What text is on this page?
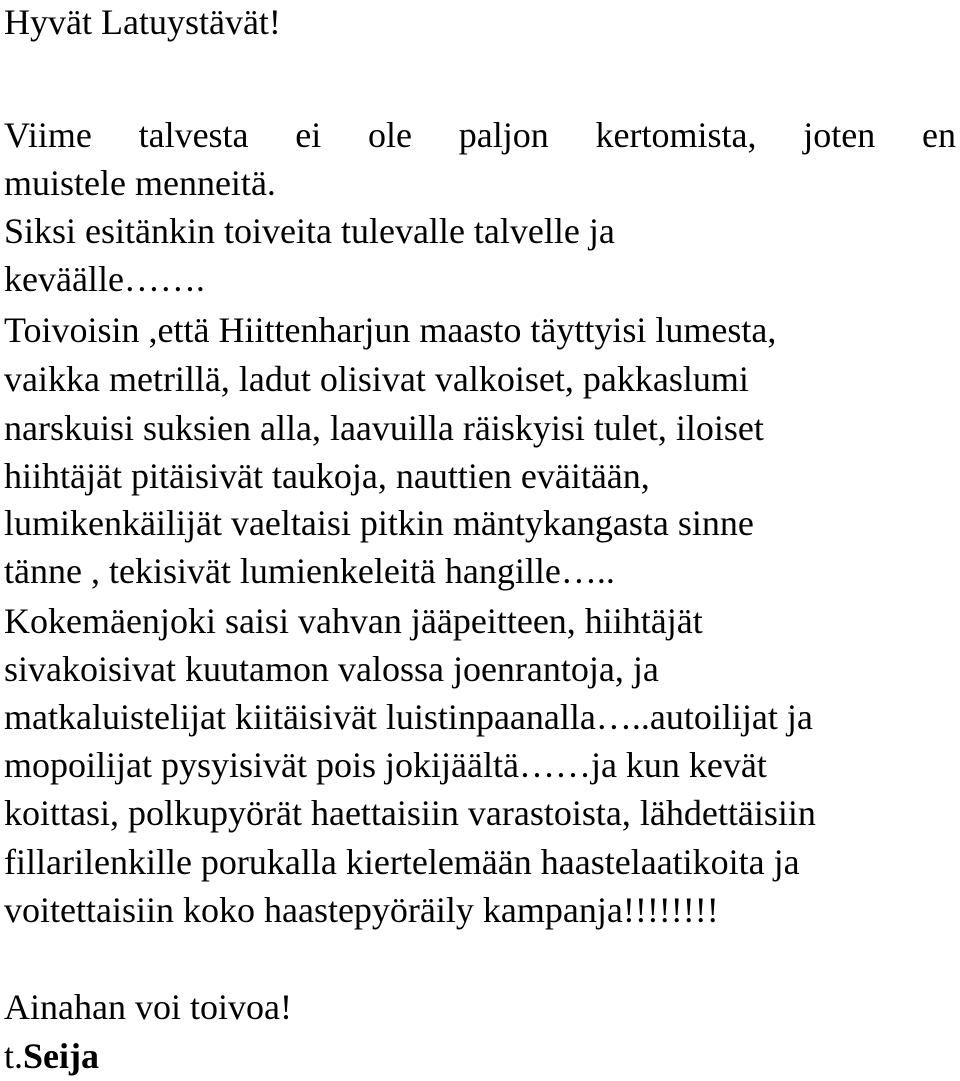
Hyvät Latuystävät!
Viime talvesta ei ole paljon kertomista, joten en
muistele menneitä.
Siksi esitänkin toiveita tulevalle talvelle ja
keväälle…….
Toivoisin ,että Hiittenharjun maasto täyttyisi lumesta,
vaikka metrillä, ladut olisivat valkoiset, pakkaslumi
narskuisi suksien alla, laavuilla räiskyisi tulet, iloiset
hiihtäjät pitäisivät taukoja, nauttien eväitään,
lumikenkäilijät vaeltaisi pitkin mäntykangasta sinne
tänne , tekisivät lumienkeleitä hangille…..
Kokemäenjoki saisi vahvan jääpeitteen, hiihtäjät
sivakoisivat kuutamon valossa joenrantoja, ja
matkaluistelijat kiitäisivät luistinpaanalla…..autoilijat ja
mopoilijat pysyisivät pois jokijäältä……ja kun kevät
koittasi, polkupyörät haettaisiin varastoista, lähdettäisiin
fillarilenkille porukalla kiertelemään haastelaatikoita ja
voitettaisiin koko haastepyöräily kampanja!!!!!!!!
Ainahan voi toivoa!
t.Seija
